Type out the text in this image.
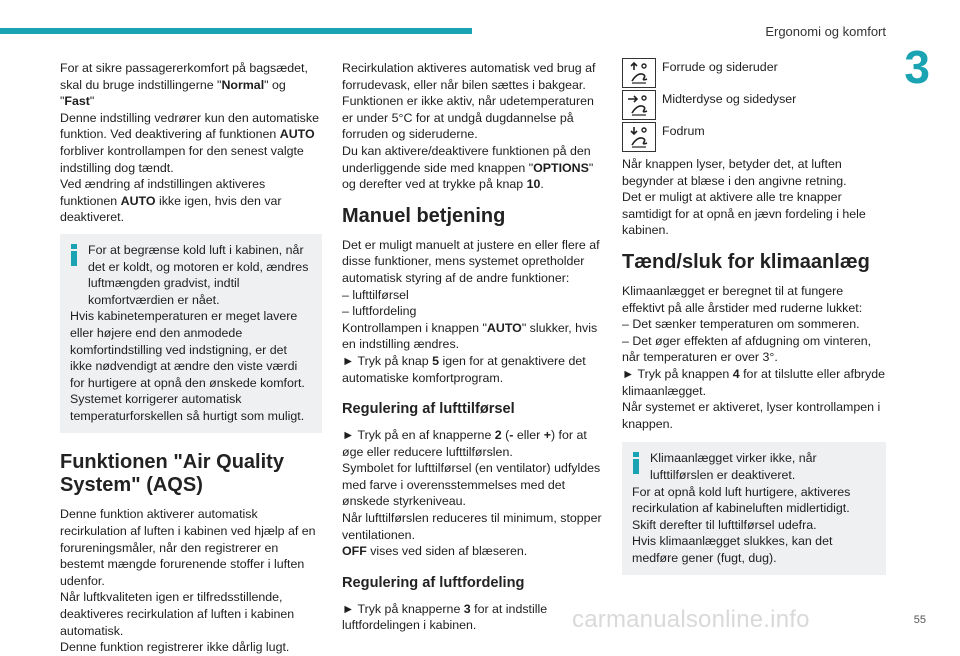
Ergonomi og komfort
3

For at sikre passagererkomfort på bagsædet, skal du bruge indstillingerne "Normal" og "Fast"
Denne indstilling vedrører kun den automatiske funktion. Ved deaktivering af funktionen AUTO forbliver kontrollampen for den senest valgte indstilling dog tændt.
Ved ændring af indstillingen aktiveres funktionen AUTO ikke igen, hvis den var deaktiveret.

For at begrænse kold luft i kabinen, når det er koldt, og motoren er kold, ændres luftmængden gradvist, indtil komfortværdien er nået.

Hvis kabinetemperaturen er meget lavere eller højere end den anmodede komfortindstilling ved indstigning, er det ikke nødvendigt at ændre den viste værdi for hurtigere at opnå den ønskede komfort. Systemet korrigerer automatisk temperaturforskellen så hurtigt som muligt.

Funktionen "Air Quality System" (AQS)

Denne funktion aktiverer automatisk recirkulation af luften i kabinen ved hjælp af en forureningsmåler, når den registrerer en bestemt mængde forurenende stoffer i luften udenfor.

Når luftkvaliteten igen er tilfredsstillende, deaktiveres recirkulation af luften i kabinen automatisk.

Denne funktion registrerer ikke dårlig lugt.

Recirkulation aktiveres automatisk ved brug af forrudevask, eller når bilen sættes i bakgear.

Funktionen er ikke aktiv, når udetemperaturen er under 5°C for at undgå dugdannelse på forruden og sideruderne.

Du kan aktivere/deaktivere funktionen på den underliggende side med knappen "OPTIONS" og derefter ved at trykke på knap 10.

Manuel betjening

Det er muligt manuelt at justere en eller flere af disse funktioner, mens systemet opretholder automatisk styring af de andre funktioner:

– lufttilførsel

– luftfordeling

Kontrollampen i knappen "AUTO" slukker, hvis en indstilling ændres.

► Tryk på knap 5 igen for at genaktivere det automatiske komfortprogram.

Regulering af lufttilførsel

► Tryk på en af knapperne 2 (- eller +) for at øge eller reducere lufttilførslen.

Symbolet for lufttilførsel (en ventilator) udfyldes med farve i overensstemmelses med det ønskede styrkeniveau.

Når lufttilførslen reduceres til minimum, stopper ventilationen.

OFF vises ved siden af blæseren.

Regulering af luftfordeling

► Tryk på knapperne 3 for at indstille luftfordelingen i kabinen.

Forrude og sideruder
Midterdyse og sidedyser
Fodrum

Når knappen lyser, betyder det, at luften begynder at blæse i den angivne retning.

Det er muligt at aktivere alle tre knapper samtidigt for at opnå en jævn fordeling i hele kabinen.

Tænd/sluk for klimaanlæg

Klimaanlægget er beregnet til at fungere effektivt på alle årstider med ruderne lukket:

– Det sænker temperaturen om sommeren.

– Det øger effekten af afdugning om vinteren, når temperaturen er over 3°.

► Tryk på knappen 4 for at tilslutte eller afbryde klimaanlægget.

Når systemet er aktiveret, lyser kontrollampen i knappen.

Klimaanlægget virker ikke, når lufttilførslen er deaktiveret.

For at opnå kold luft hurtigere, aktiveres recirkulation af kabineluften midlertidigt. Skift derefter til lufttilførsel udefra.

Hvis klimaanlægget slukkes, kan det medføre gener (fugt, dug).

55
carmanualsonline.info
